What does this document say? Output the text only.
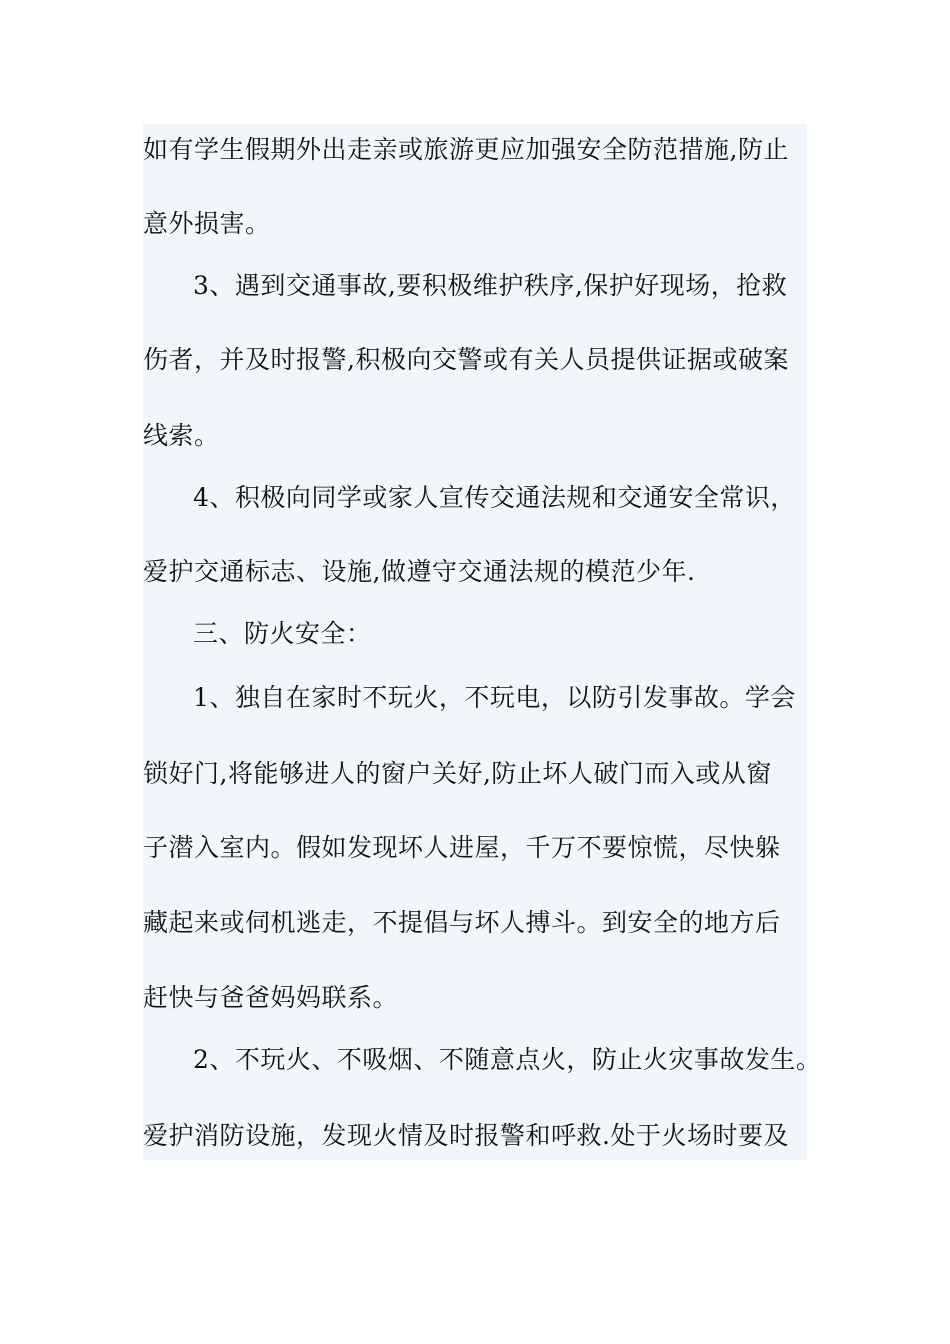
如有学生假期外出走亲或旅游更应加强安全防范措施,防止
意外损害。
3、遇到交通事故,要积极维护秩序,保护好现场，抢救
伤者，并及时报警,积极向交警或有关人员提供证据或破案
线索。
4、积极向同学或家人宣传交通法规和交通安全常识，
爱护交通标志、设施,做遵守交通法规的模范少年.
三、防火安全：
1、独自在家时不玩火，不玩电，以防引发事故。学会
锁好门,将能够进人的窗户关好,防止坏人破门而入或从窗
子潜入室内。假如发现坏人进屋，千万不要惊慌，尽快躲
藏起来或伺机逃走，不提倡与坏人搏斗。到安全的地方后
赶快与爸爸妈妈联系。
2、不玩火、不吸烟、不随意点火，防止火灾事故发生。
爱护消防设施，发现火情及时报警和呼救.处于火场时要及
